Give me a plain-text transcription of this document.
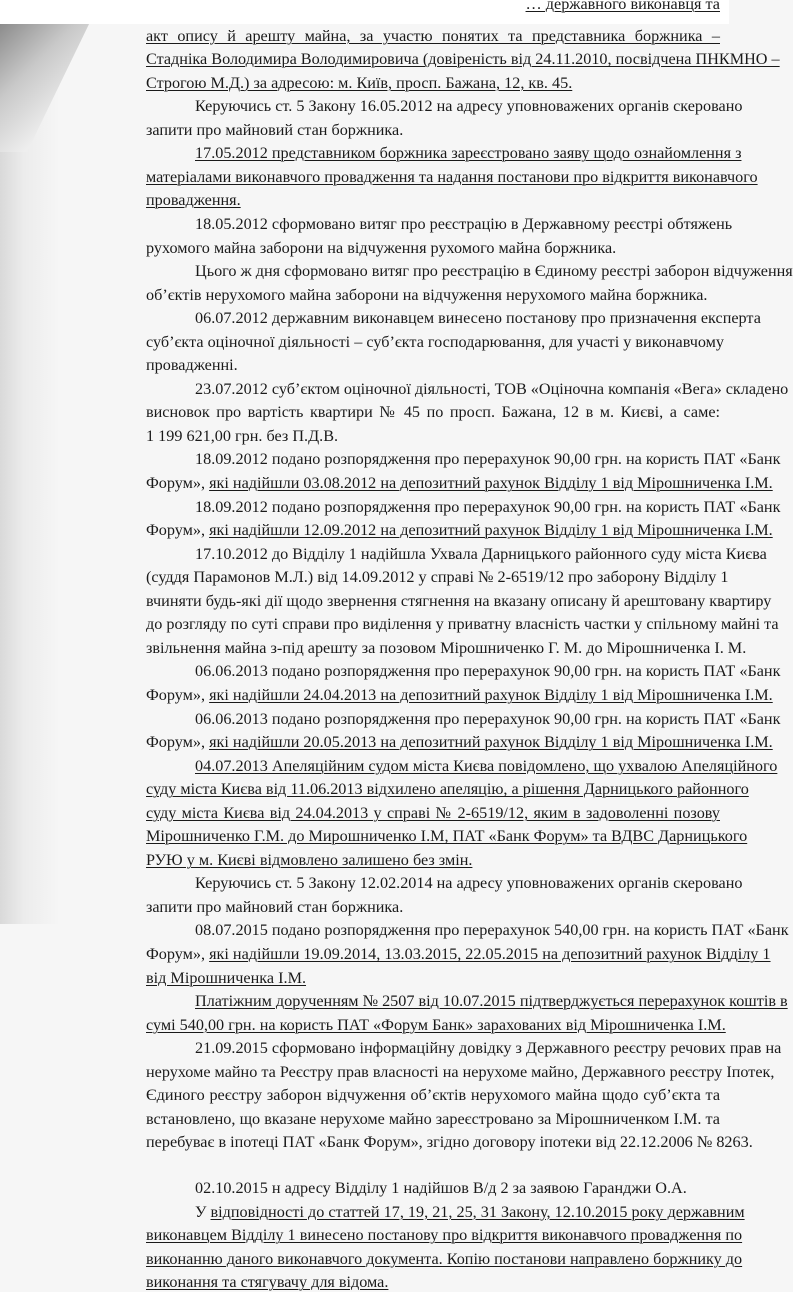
… державного виконавця та
акт опису й арешту майна, за участю понятих та представника боржника –
Стадніка Володимира Володимировича (довіреність від 24.11.2010, посвідчена ПНКМНО –
Строгою М.Д.) за адресою: м. Київ, просп. Бажана, 12, кв. 45.
Керуючись ст. 5 Закону 16.05.2012 на адресу уповноважених органів скеровано
запити про майновий стан боржника.
17.05.2012 представником боржника зареєстровано заяву щодо ознайомлення з
матеріалами виконавчого провадження та надання постанови про відкриття виконавчого
провадження.
18.05.2012 сформовано витяг про реєстрацію в Державному реєстрі обтяжень
рухомого майна заборони на відчуження рухомого майна боржника.
Цього ж дня сформовано витяг про реєстрацію в Єдиному реєстрі заборон відчуження
об’єктів нерухомого майна заборони на відчуження нерухомого майна боржника.
06.07.2012 державним виконавцем винесено постанову про призначення експерта
суб’єкта оціночної діяльності – суб’єкта господарювання, для участі у виконавчому
провадженні.
23.07.2012 суб’єктом оціночної діяльності, ТОВ «Оціночна компанія «Вега» складено
висновок про вартість квартири № 45 по просп. Бажана, 12 в м. Києві, а саме:
1 199 621,00 грн. без П.Д.В.
18.09.2012 подано розпорядження про перерахунок 90,00 грн. на користь ПАТ «Банк
Форум», які надійшли 03.08.2012 на депозитний рахунок Відділу 1 від Мірошниченка І.М.
18.09.2012 подано розпорядження про перерахунок 90,00 грн. на користь ПАТ «Банк
Форум», які надійшли 12.09.2012 на депозитний рахунок Відділу 1 від Мірошниченка І.М.
17.10.2012 до Відділу 1 надійшла Ухвала Дарницького районного суду міста Києва
(суддя Парамонов М.Л.) від 14.09.2012 у справі № 2-6519/12 про заборону Відділу 1
вчиняти будь-які дії щодо звернення стягнення на вказану описану й арештовану квартиру
до розгляду по суті справи про виділення у приватну власність частки у спільному майні та
звільнення майна з-під арешту за позовом Мірошниченко Г. М. до Мірошниченка І. М.
06.06.2013 подано розпорядження про перерахунок 90,00 грн. на користь ПАТ «Банк
Форум», які надійшли 24.04.2013 на депозитний рахунок Відділу 1 від Мірошниченка І.М.
06.06.2013 подано розпорядження про перерахунок 90,00 грн. на користь ПАТ «Банк
Форум», які надійшли 20.05.2013 на депозитний рахунок Відділу 1 від Мірошниченка І.М.
04.07.2013 Апеляційним судом міста Києва повідомлено, що ухвалою Апеляційного
суду міста Києва від 11.06.2013 відхилено апеляцію, а рішення Дарницького районного
суду міста Києва від 24.04.2013 у справі № 2-6519/12, яким в задоволенні позову
Мірошниченко Г.М. до Мирошниченко І.М, ПАТ «Банк Форум» та ВДВС Дарницького
РУЮ у м. Києві відмовлено залишено без змін.
Керуючись ст. 5 Закону 12.02.2014 на адресу уповноважених органів скеровано
запити про майновий стан боржника.
08.07.2015 подано розпорядження про перерахунок 540,00 грн. на користь ПАТ «Банк
Форум», які надійшли 19.09.2014, 13.03.2015, 22.05.2015 на депозитний рахунок Відділу 1
від Мірошниченка І.М.
Платіжним дорученням № 2507 від 10.07.2015 підтверджується перерахунок коштів в
сумі 540,00 грн. на користь ПАТ «Форум Банк» зарахованих від Мірошниченка І.М.
21.09.2015 сформовано інформаційну довідку з Державного реєстру речових прав на
нерухоме майно та Реєстру прав власності на нерухоме майно, Державного реєстру Іпотек,
Єдиного реєстру заборон відчуження об’єктів нерухомого майна щодо суб’єкта та
встановлено, що вказане нерухоме майно зареєстровано за Мірошниченком І.М. та
перебуває в іпотеці ПАТ «Банк Форум», згідно договору іпотеки від 22.12.2006 № 8263.
02.10.2015 н адресу Відділу 1 надійшов В/д 2 за заявою Гаранджи О.А.
У відповідності до статтей 17, 19, 21, 25, 31 Закону, 12.10.2015 року державним
виконавцем Відділу 1 винесено постанову про відкриття виконавчого провадження по
виконанню даного виконавчого документа. Копію постанови направлено боржнику до
виконання та стягувачу для відома.
